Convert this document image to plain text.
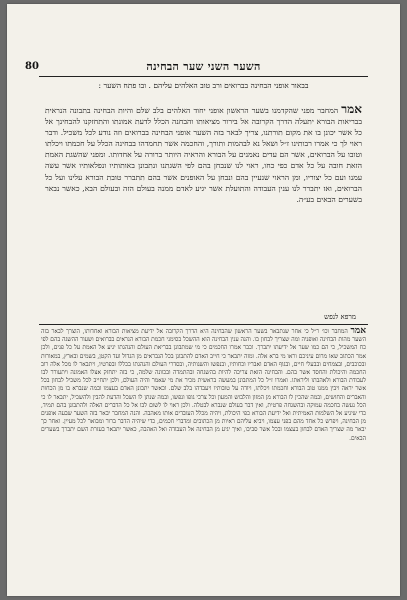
80	השער השני שער הבחינה
בבאור אופני הבחינה בברואים ורב טוב האלהים עליהם . ובו פתח השער :
אמר המחבר מפני שהקדמנו בשער הראשון אופני יחוד האלהים בלב שלם והיות הבחינה בתבונה הנראית בבריאות הבורא יתעלה הדרך הקרובה אל בירור מציאותו והבחנה הכלל לדעת אמונתו והתחזקנו להבחינך אל כל אשר יכונן בו את מקום תורתנו, צריך לבאר בזה השער אופני הבחינה בברואים וזה נודע לכל משכיל. ודבר ראוי לך כי אמרו רבותינו ז״ל ושאל נא לבהמות ותורך, והחכמה אשר תחמדהו בבחינה הכלל על חכמתו ויכלתו וטובו על הברואים, אשר הם עדים נאמנים על הבורא והראיה היותר ברורה על אחדותו. ומפני שהשגת האמת הזאת חובה על כל אדם כפי כחו, ראוי לנו שנבחן בהם לפי השגתנו ונתבונן באותותיו ונפלאותיו אשר עשה עמנו ועם כל יצוריו, ומן הראוי שנעיין בהם ונבחן על האופנים אשר בהם תתברר טובת הבורא עלינו ועל כל הברואים, ואז יתברר לנו ענין העבודה והתועלת אשר יגיע לאדם ממנה בעולם הזה ובעולם הבא, כאשר נבאר בשערים הבאים בע״ה.
מרפא לנפש
אמר המחבר וכו׳ ר״ל כי אחר שנתבאר בשער הראשון שהבחינה היא הדרך הקרובה אל ידיעת מציאות הבורא ואחדותו, הוצרך לבאר בזה השער מהות הבחינה ואופניה ומה שצריך לבחון בו. והנה ענין הבחינה הוא ההשכל בסימני חכמת הבורא הנראים בברואים ושעור ההשגה בהם לפי כח המשכיל, כי הם כמו שער אל ידיעתו יתברך. וכבר אמרו החכמים כי מי שמתבונן בבריאת העולם והנהגתו יגיע אל האמת על כל פנים, ולכן אמר הכתוב שאו מרום עיניכם וראו מי ברא אלה. ומזה יתבאר כי חייב האדם להתבונן בכל הנבראים מן הגדול ועד הקטן, בשמים ובארץ, במאורות ובכוכבים, ובצמחים ובבעלי חיים, ובגוף האדם ואבריו וכחותיו, ובנפשו והשגותיה, ובסדרי העולם והנהגתו בכללו ובפרטיו, ויתבאר לו מכל אלה רוב החכמה והיכולת והחסד אשר בהם. והבחינה הזאת צריכה להיות בהשגחה ובהתמדה ובכוונה שלמה, כי בזה יתחזק אצלו האמונה ויתעורר לבו לעבודת הבורא ולאהבתו וליראתו. ואמרו ז״ל כל המתבונן במעשה בראשית מכיר את מי שאמר והיה העולם, ולכן יתחייב לכל משכיל לבחון בכל אשר יראה ויבין ממנו טוב הבורא וחכמתו ויכלתו, ויודה על טובותיו ויעבדהו בלב שלם. וכאשר יתבונן האדם בעצמו ובמה שנברא בו מן הכחות והאברים והחושים, ובמה שהכין לו הבורא מן המזון והלבוש והמעון וכל צרכי גופו ונפשו, ובמה שנתן לו השכל והדעת להבין ולהשכיל, יתבאר לו כי הכל נעשה בחכמה עמוקה ובהשגחה פרטית, ואין דבר בעולם שנברא לבטלה. ולכן ראוי לו לשום לבו אל כל הדברים האלה ולהתבונן בהם תמיד, כדי שיגיע אל השלמות האמיתית ואל ידיעת הבורא כפי היכולת, ויהיה מכלל העובדים אותו מאהבה. והנה המחבר יבאר בזה השער שבעה אופנים מן הבחינה, ויפרש כל אחד מהם בפני עצמו, ויביא עליהם ראיות מן הכתובים ומדברי חכמים, כדי שיהיה הדבר ברור ומבואר לכל מעיין. ואחר כך יבאר מה שצריך האדם לבחון בעצמו ובכל אשר סביבו, ואיך יגיע מן הבחינה אל העבודה ואל האהבה, כאשר יתבאר בעזרת השם יתברך בשערים הבאים.
